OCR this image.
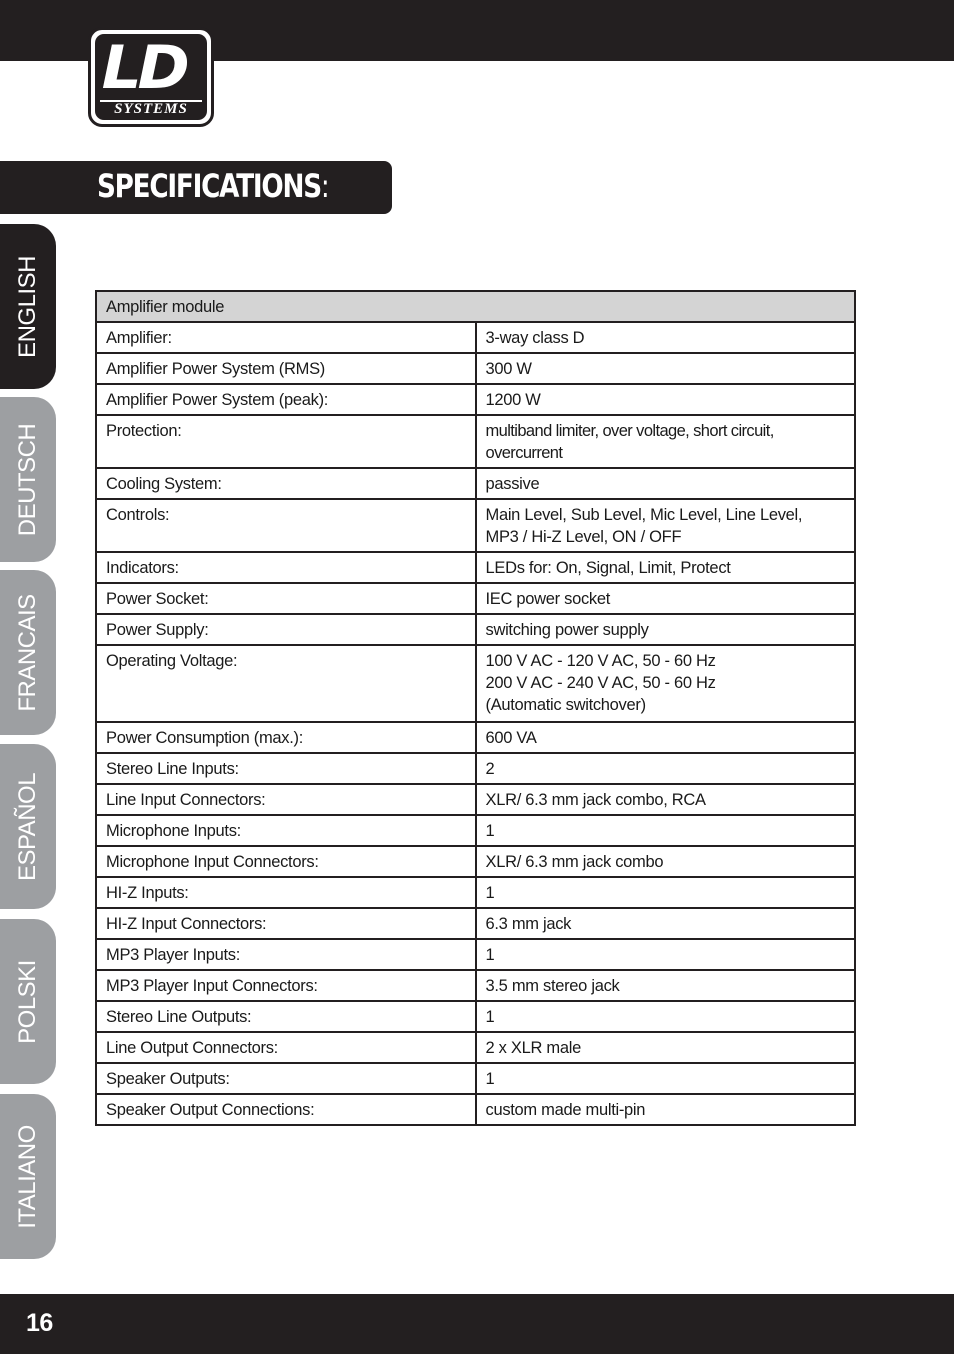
LD
SYSTEMS
SPECIFICATIONS:
ENGLISH
DEUTSCH
FRANCAIS
ESPAÑOL
POLSKI
ITALIANO
Amplifier module	
Amplifier:	3-way class D
Amplifier Power System (RMS)	300 W
Amplifier Power System (peak):	1200 W
Protection:	multiband limiter, over voltage, short circuit, overcurrent
Cooling System:	passive
Controls:	Main Level, Sub Level, Mic Level, Line Level,
MP3 / Hi-Z Level, ON / OFF
Indicators:	LEDs for: On, Signal, Limit, Protect
Power Socket:	IEC power socket
Power Supply:	switching power supply
Operating Voltage:	100 V AC - 120 V AC, 50 - 60 Hz
200 V AC - 240 V AC, 50 - 60 Hz
(Automatic switchover)
Power Consumption (max.):	600 VA
Stereo Line Inputs:	2
Line Input Connectors:	XLR/ 6.3 mm jack combo, RCA
Microphone Inputs:	1
Microphone Input Connectors:	XLR/ 6.3 mm jack combo
HI-Z Inputs:	1
HI-Z Input Connectors:	6.3 mm jack
MP3 Player Inputs:	1
MP3 Player Input Connectors:	3.5 mm stereo jack
Stereo Line Outputs:	1
Line Output Connectors:	2 x XLR male
Speaker Outputs:	1
Speaker Output Connections:	custom made multi-pin
16
